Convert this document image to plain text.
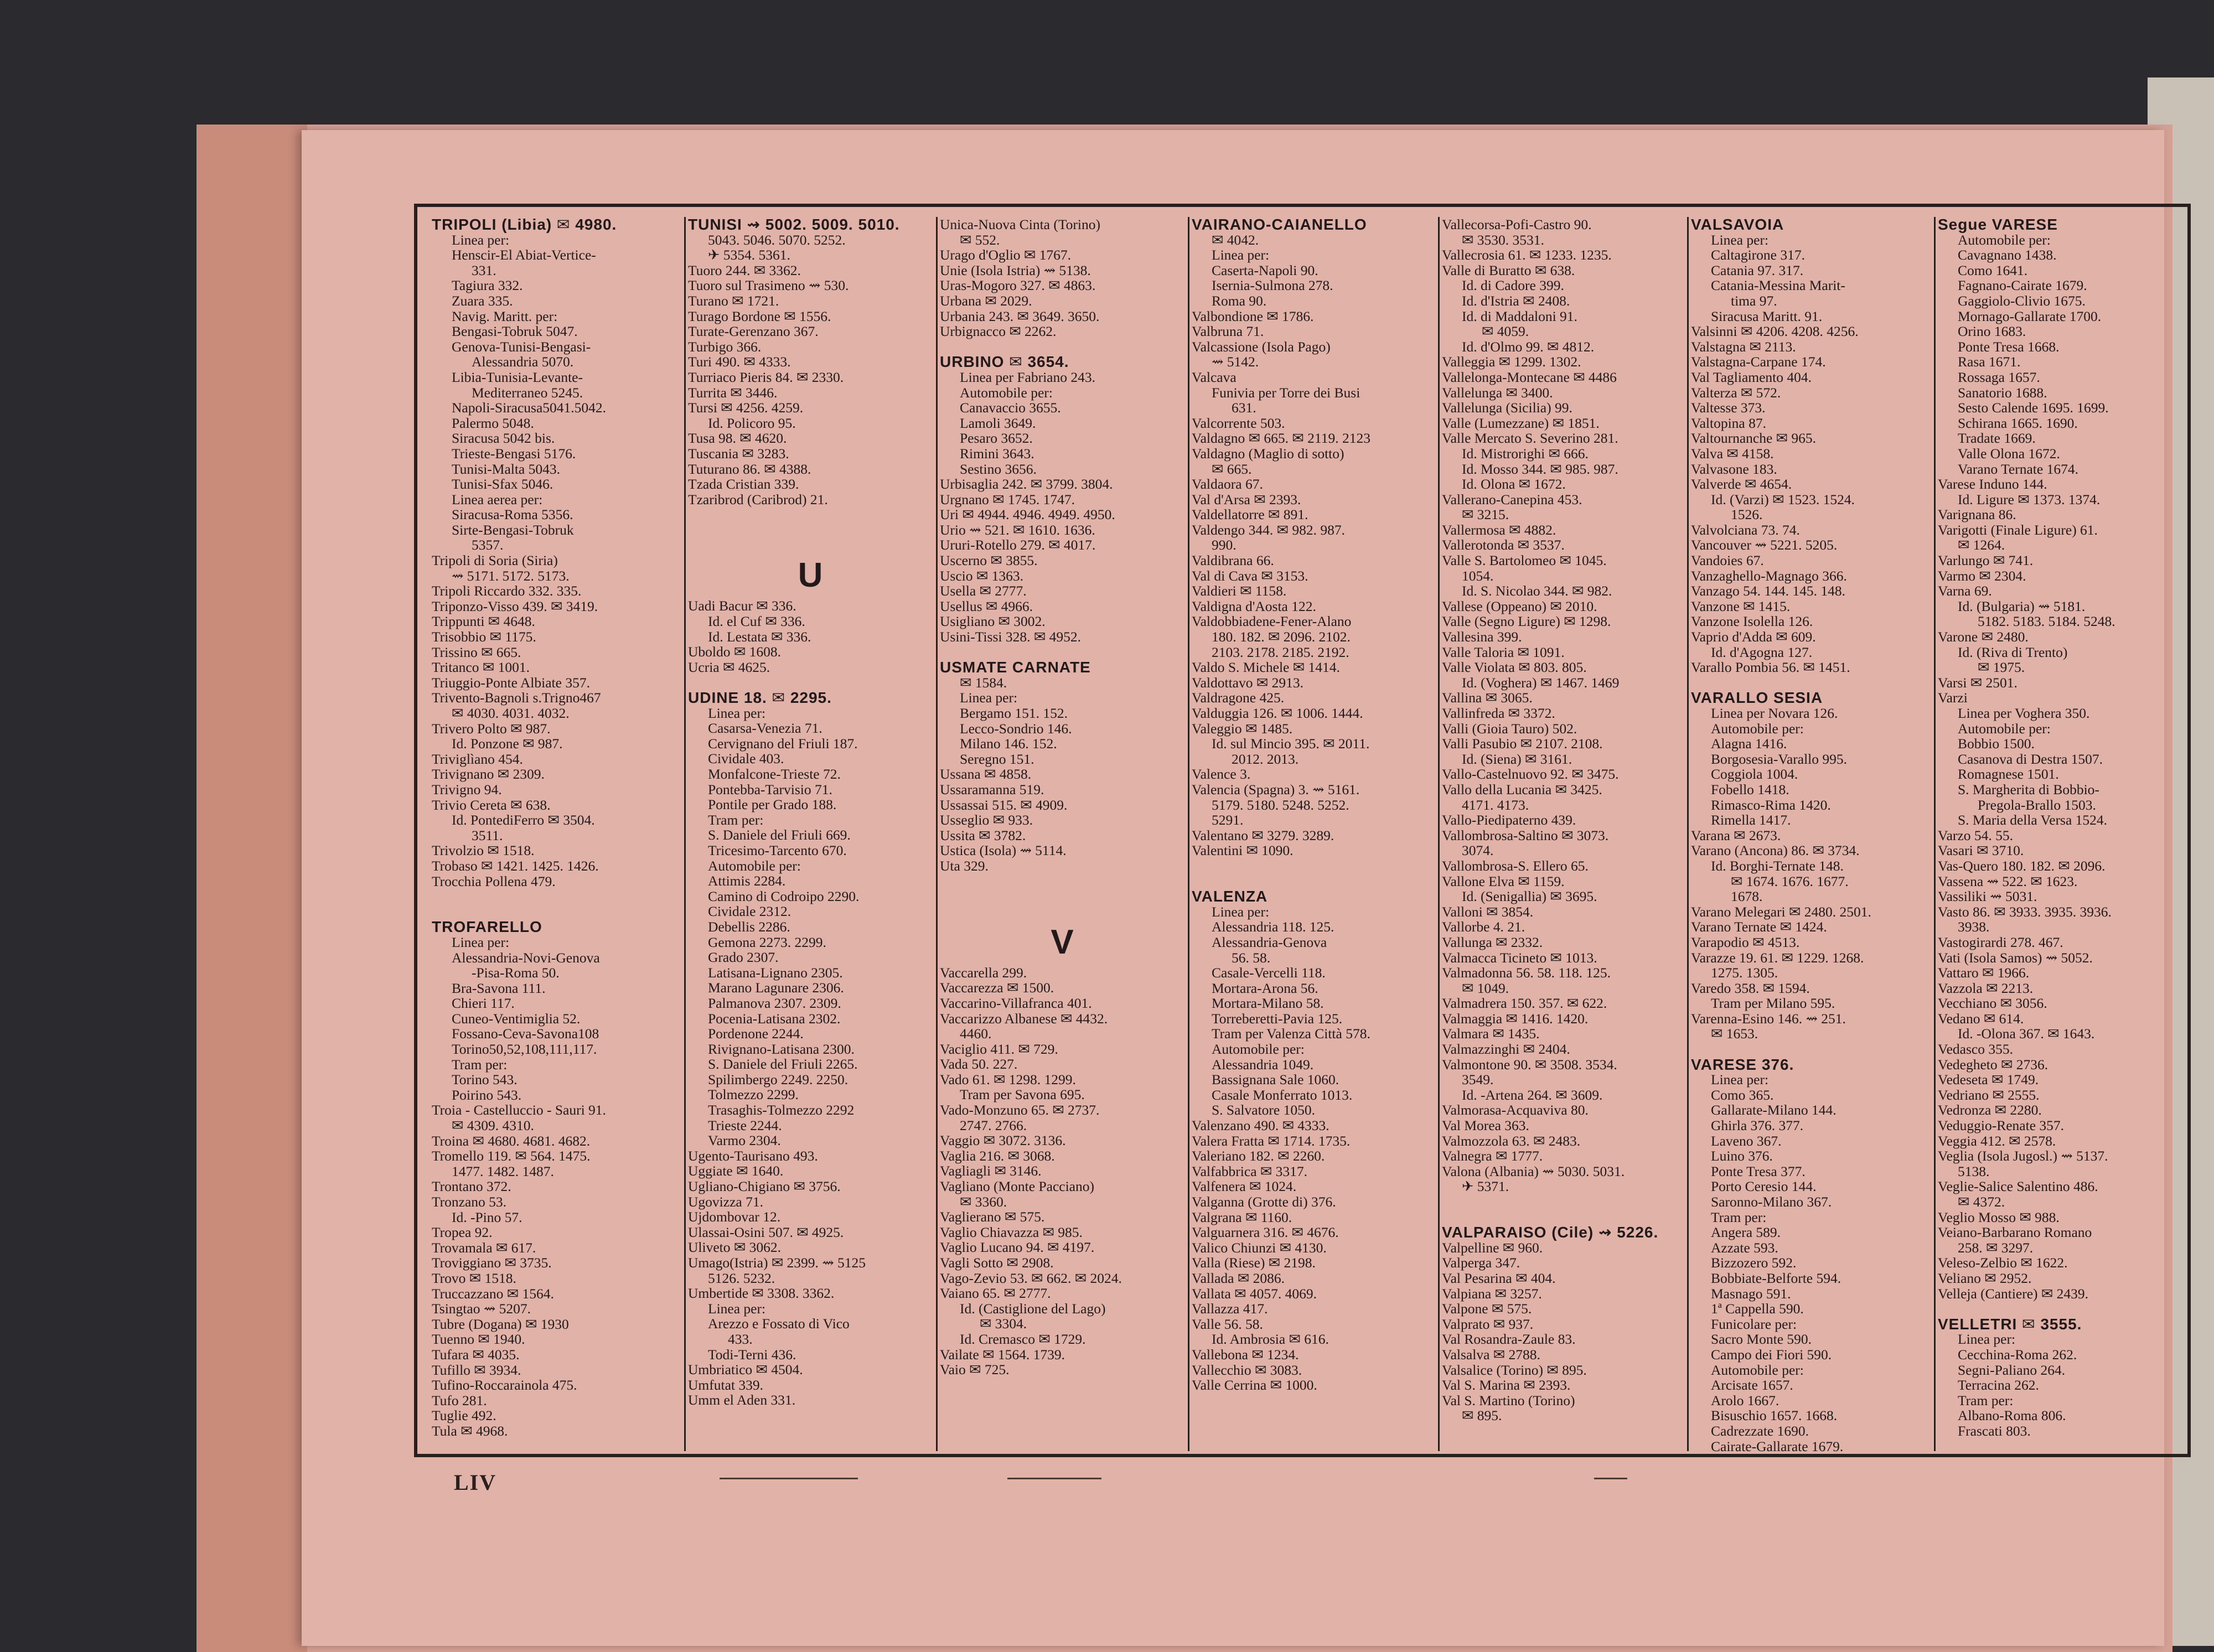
TRIPOLI (Libia) ✉ 4980.
Linea per:
Henscir-El Abiat-Vertice-
331.
Tagiura 332.
Zuara 335.
Navig. Maritt. per:
Bengasi-Tobruk 5047.
Genova-Tunisi-Bengasi-
Alessandria 5070.
Libia-Tunisia-Levante-
Mediterraneo 5245.
Napoli-Siracusa5041.5042.
Palermo 5048.
Siracusa 5042 bis.
Trieste-Bengasi 5176.
Tunisi-Malta 5043.
Tunisi-Sfax 5046.
Linea aerea per:
Siracusa-Roma 5356.
Sirte-Bengasi-Tobruk
5357.
Tripoli di Soria (Siria)
⇝ 5171. 5172. 5173.
Tripoli Riccardo 332. 335.
Triponzo-Visso 439. ✉ 3419.
Trippunti ✉ 4648.
Trisobbio ✉ 1175.
Trissino ✉ 665.
Tritanco ✉ 1001.
Triuggio-Ponte Albiate 357.
Trivento-Bagnoli s.Trigno467
✉ 4030. 4031. 4032.
Trivero Polto ✉ 987.
Id. Ponzone ✉ 987.
Triviglìano 454.
Trivignano ✉ 2309.
Trivigno 94.
Trivio Cereta ✉ 638.
Id. PontediFerro ✉ 3504.
3511.
Trivolzio ✉ 1518.
Trobaso ✉ 1421. 1425. 1426.
Trocchia Pollena 479.
TROFARELLO
Linea per:
Alessandria-Novi-Genova
-Pisa-Roma 50.
Bra-Savona 111.
Chieri 117.
Cuneo-Ventimiglia 52.
Fossano-Ceva-Savona108
Torino50,52,108,111,117.
Tram per:
Torino 543.
Poirino 543.
Troia - Castelluccio - Sauri 91.
✉ 4309. 4310.
Troina ✉ 4680. 4681. 4682.
Tromello 119. ✉ 564. 1475.
1477. 1482. 1487.
Trontano 372.
Tronzano 53.
Id. -Pino 57.
Tropea 92.
Trovamala ✉ 617.
Troviggiano ✉ 3735.
Trovo ✉ 1518.
Truccazzano ✉ 1564.
Tsingtao ⇝ 5207.
Tubre (Dogana) ✉ 1930
Tuenno ✉ 1940.
Tufara ✉ 4035.
Tufillo ✉ 3934.
Tufino-Roccarainola 475.
Tufo 281.
Tuglie 492.
Tula ✉ 4968.
TUNISI ⇝ 5002. 5009. 5010.
5043. 5046. 5070. 5252.
✈ 5354. 5361.
Tuoro 244. ✉ 3362.
Tuoro sul Trasimeno ⇝ 530.
Turano ✉ 1721.
Turago Bordone ✉ 1556.
Turate-Gerenzano 367.
Turbigo 366.
Turi 490. ✉ 4333.
Turriaco Pieris 84. ✉ 2330.
Turrita ✉ 3446.
Tursi ✉ 4256. 4259.
Id. Policoro 95.
Tusa 98. ✉ 4620.
Tuscania ✉ 3283.
Tuturano 86. ✉ 4388.
Tzada Cristian 339.
Tzaribrod (Caribrod) 21.
U
Uadi Bacur ✉ 336.
Id. el Cuf ✉ 336.
Id. Lestata ✉ 336.
Uboldo ✉ 1608.
Ucria ✉ 4625.
UDINE 18. ✉ 2295.
Linea per:
Casarsa-Venezia 71.
Cervignano del Friuli 187.
Cividale 403.
Monfalcone-Trieste 72.
Pontebba-Tarvisio 71.
Pontile per Grado 188.
Tram per:
S. Daniele del Friuli 669.
Tricesimo-Tarcento 670.
Automobile per:
Attimis 2284.
Camino di Codroipo 2290.
Cividale 2312.
Debellis 2286.
Gemona 2273. 2299.
Grado 2307.
Latisana-Lignano 2305.
Marano Lagunare 2306.
Palmanova 2307. 2309.
Pocenia-Latisana 2302.
Pordenone 2244.
Rivignano-Latisana 2300.
S. Daniele del Friuli 2265.
Spilimbergo 2249. 2250.
Tolmezzo 2299.
Trasaghis-Tolmezzo 2292
Trieste 2244.
Varmo 2304.
Ugento-Taurisano 493.
Uggiate ✉ 1640.
Ugliano-Chigiano ✉ 3756.
Ugovizza 71.
Ujdombovar 12.
Ulassai-Osini 507. ✉ 4925.
Uliveto ✉ 3062.
Umago(Istria) ✉ 2399. ⇝ 5125
5126. 5232.
Umbertide ✉ 3308. 3362.
Linea per:
Arezzo e Fossato di Vico
433.
Todi-Terni 436.
Umbriatico ✉ 4504.
Umfutat 339.
Umm el Aden 331.
Unica-Nuova Cinta (Torino)
✉ 552.
Urago d'Oglio ✉ 1767.
Unie (Isola Istria) ⇝ 5138.
Uras-Mogoro 327. ✉ 4863.
Urbana ✉ 2029.
Urbania 243. ✉ 3649. 3650.
Urbignacco ✉ 2262.
URBINO ✉ 3654.
Linea per Fabriano 243.
Automobile per:
Canavaccio 3655.
Lamoli 3649.
Pesaro 3652.
Rimini 3643.
Sestino 3656.
Urbisaglia 242. ✉ 3799. 3804.
Urgnano ✉ 1745. 1747.
Uri ✉ 4944. 4946. 4949. 4950.
Urio ⇝ 521. ✉ 1610. 1636.
Ururi-Rotello 279. ✉ 4017.
Uscerno ✉ 3855.
Uscio ✉ 1363.
Usella ✉ 2777.
Usellus ✉ 4966.
Usigliano ✉ 3002.
Usini-Tissi 328. ✉ 4952.
USMATE CARNATE
✉ 1584.
Linea per:
Bergamo 151. 152.
Lecco-Sondrio 146.
Milano 146. 152.
Seregno 151.
Ussana ✉ 4858.
Ussaramanna 519.
Ussassai 515. ✉ 4909.
Usseglio ✉ 933.
Ussita ✉ 3782.
Ustica (Isola) ⇝ 5114.
Uta 329.
V
Vaccarella 299.
Vaccarezza ✉ 1500.
Vaccarino-Villafranca 401.
Vaccarizzo Albanese ✉ 4432.
4460.
Vaciglio 411. ✉ 729.
Vada 50. 227.
Vado 61. ✉ 1298. 1299.
Tram per Savona 695.
Vado-Monzuno 65. ✉ 2737.
2747. 2766.
Vaggio ✉ 3072. 3136.
Vaglia 216. ✉ 3068.
Vagliagli ✉ 3146.
Vagliano (Monte Pacciano)
✉ 3360.
Vaglierano ✉ 575.
Vaglio Chiavazza ✉ 985.
Vaglio Lucano 94. ✉ 4197.
Vagli Sotto ✉ 2908.
Vago-Zevio 53. ✉ 662. ✉ 2024.
Vaiano 65. ✉ 2777.
Id. (Castiglione del Lago)
✉ 3304.
Id. Cremasco ✉ 1729.
Vailate ✉ 1564. 1739.
Vaio ✉ 725.
VAIRANO-CAIANELLO
✉ 4042.
Linea per:
Caserta-Napoli 90.
Isernia-Sulmona 278.
Roma 90.
Valbondione ✉ 1786.
Valbruna 71.
Valcassione (Isola Pago)
⇝ 5142.
Valcava
Funivia per Torre dei Busi
631.
Valcorrente 503.
Valdagno ✉ 665. ✉ 2119. 2123
Valdagno (Maglio di sotto)
✉ 665.
Valdaora 67.
Val d'Arsa ✉ 2393.
Valdellatorre ✉ 891.
Valdengo 344. ✉ 982. 987.
990.
Valdibrana 66.
Val di Cava ✉ 3153.
Valdieri ✉ 1158.
Valdigna d'Aosta 122.
Valdobbiadene-Fener-Alano
180. 182. ✉ 2096. 2102.
2103. 2178. 2185. 2192.
Valdo S. Michele ✉ 1414.
Valdottavo ✉ 2913.
Valdragone 425.
Valduggia 126. ✉ 1006. 1444.
Valeggio ✉ 1485.
Id. sul Mincio 395. ✉ 2011.
2012. 2013.
Valence 3.
Valencia (Spagna) 3. ⇝ 5161.
5179. 5180. 5248. 5252.
5291.
Valentano ✉ 3279. 3289.
Valentini ✉ 1090.
VALENZA
Linea per:
Alessandria 118. 125.
Alessandria-Genova
56. 58.
Casale-Vercelli 118.
Mortara-Arona 56.
Mortara-Milano 58.
Torreberetti-Pavia 125.
Tram per Valenza Città 578.
Automobile per:
Alessandria 1049.
Bassignana Sale 1060.
Casale Monferrato 1013.
S. Salvatore 1050.
Valenzano 490. ✉ 4333.
Valera Fratta ✉ 1714. 1735.
Valeriano 182. ✉ 2260.
Valfabbrica ✉ 3317.
Valfenera ✉ 1024.
Valganna (Grotte di) 376.
Valgrana ✉ 1160.
Valguarnera 316. ✉ 4676.
Valico Chiunzi ✉ 4130.
Valla (Riese) ✉ 2198.
Vallada ✉ 2086.
Vallata ✉ 4057. 4069.
Vallazza 417.
Valle 56. 58.
Id. Ambrosia ✉ 616.
Vallebona ✉ 1234.
Vallecchio ✉ 3083.
Valle Cerrina ✉ 1000.
Vallecorsa-Pofi-Castro 90.
✉ 3530. 3531.
Vallecrosia 61. ✉ 1233. 1235.
Valle di Buratto ✉ 638.
Id. di Cadore 399.
Id. d'Istria ✉ 2408.
Id. di Maddaloni 91.
✉ 4059.
Id. d'Olmo 99. ✉ 4812.
Valleggia ✉ 1299. 1302.
Vallelonga-Montecane ✉ 4486
Vallelunga ✉ 3400.
Vallelunga (Sicilia) 99.
Valle (Lumezzane) ✉ 1851.
Valle Mercato S. Severino 281.
Id. Mistrorighi ✉ 666.
Id. Mosso 344. ✉ 985. 987.
Id. Olona ✉ 1672.
Vallerano-Canepina 453.
✉ 3215.
Vallermosa ✉ 4882.
Vallerotonda ✉ 3537.
Valle S. Bartolomeo ✉ 1045.
1054.
Id. S. Nicolao 344. ✉ 982.
Vallese (Oppeano) ✉ 2010.
Valle (Segno Ligure) ✉ 1298.
Vallesina 399.
Valle Taloria ✉ 1091.
Valle Violata ✉ 803. 805.
Id. (Voghera) ✉ 1467. 1469
Vallina ✉ 3065.
Vallinfreda ✉ 3372.
Valli (Gioia Tauro) 502.
Valli Pasubio ✉ 2107. 2108.
Id. (Siena) ✉ 3161.
Vallo-Castelnuovo 92. ✉ 3475.
Vallo della Lucania ✉ 3425.
4171. 4173.
Vallo-Piedipaterno 439.
Vallombrosa-Saltino ✉ 3073.
3074.
Vallombrosa-S. Ellero 65.
Vallone Elva ✉ 1159.
Id. (Senigallia) ✉ 3695.
Valloni ✉ 3854.
Vallorbe 4. 21.
Vallunga ✉ 2332.
Valmacca Ticineto ✉ 1013.
Valmadonna 56. 58. 118. 125.
✉ 1049.
Valmadrera 150. 357. ✉ 622.
Valmaggia ✉ 1416. 1420.
Valmara ✉ 1435.
Valmazzinghi ✉ 2404.
Valmontone 90. ✉ 3508. 3534.
3549.
Id. -Artena 264. ✉ 3609.
Valmorasa-Acquaviva 80.
Val Morea 363.
Valmozzola 63. ✉ 2483.
Valnegra ✉ 1777.
Valona (Albania) ⇝ 5030. 5031.
✈ 5371.
VALPARAISO (Cile) ⇝ 5226.
Valpelline ✉ 960.
Valperga 347.
Val Pesarina ✉ 404.
Valpiana ✉ 3257.
Valpone ✉ 575.
Valprato ✉ 937.
Val Rosandra-Zaule 83.
Valsalva ✉ 2788.
Valsalice (Torino) ✉ 895.
Val S. Marina ✉ 2393.
Val S. Martino (Torino)
✉ 895.
VALSAVOIA
Linea per:
Caltagirone 317.
Catania 97. 317.
Catania-Messina Marit-
tima 97.
Siracusa Maritt. 91.
Valsinni ✉ 4206. 4208. 4256.
Valstagna ✉ 2113.
Valstagna-Carpane 174.
Val Tagliamento 404.
Valterza ✉ 572.
Valtesse 373.
Valtopina 87.
Valtournanche ✉ 965.
Valva ✉ 4158.
Valvasone 183.
Valverde ✉ 4654.
Id. (Varzi) ✉ 1523. 1524.
1526.
Valvolciana 73. 74.
Vancouver ⇝ 5221. 5205.
Vandoies 67.
Vanzaghello-Magnago 366.
Vanzago 54. 144. 145. 148.
Vanzone ✉ 1415.
Vanzone Isolella 126.
Vaprio d'Adda ✉ 609.
Id. d'Agogna 127.
Varallo Pombia 56. ✉ 1451.
VARALLO SESIA
Linea per Novara 126.
Automobile per:
Alagna 1416.
Borgosesia-Varallo 995.
Coggiola 1004.
Fobello 1418.
Rimasco-Rima 1420.
Rimella 1417.
Varana ✉ 2673.
Varano (Ancona) 86. ✉ 3734.
Id. Borghi-Ternate 148.
✉ 1674. 1676. 1677.
1678.
Varano Melegari ✉ 2480. 2501.
Varano Ternate ✉ 1424.
Varapodio ✉ 4513.
Varazze 19. 61. ✉ 1229. 1268.
1275. 1305.
Varedo 358. ✉ 1594.
Tram per Milano 595.
Varenna-Esino 146. ⇝ 251.
✉ 1653.
VARESE 376.
Linea per:
Como 365.
Gallarate-Milano 144.
Ghirla 376. 377.
Laveno 367.
Luino 376.
Ponte Tresa 377.
Porto Ceresio 144.
Saronno-Milano 367.
Tram per:
Angera 589.
Azzate 593.
Bizzozero 592.
Bobbiate-Belforte 594.
Masnago 591.
1ª Cappella 590.
Funicolare per:
Sacro Monte 590.
Campo dei Fiori 590.
Automobile per:
Arcisate 1657.
Arolo 1667.
Bisuschio 1657. 1668.
Cadrezzate 1690.
Cairate-Gallarate 1679.
Segue VARESE
Automobile per:
Cavagnano 1438.
Como 1641.
Fagnano-Cairate 1679.
Gaggiolo-Clivio 1675.
Mornago-Gallarate 1700.
Orino 1683.
Ponte Tresa 1668.
Rasa 1671.
Rossaga 1657.
Sanatorio 1688.
Sesto Calende 1695. 1699.
Schirana 1665. 1690.
Tradate 1669.
Valle Olona 1672.
Varano Ternate 1674.
Varese Induno 144.
Id. Ligure ✉ 1373. 1374.
Varignana 86.
Varigotti (Finale Ligure) 61.
✉ 1264.
Varlungo ✉ 741.
Varmo ✉ 2304.
Varna 69.
Id. (Bulgaria) ⇝ 5181.
5182. 5183. 5184. 5248.
Varone ✉ 2480.
Id. (Riva di Trento)
✉ 1975.
Varsi ✉ 2501.
Varzi
Linea per Voghera 350.
Automobile per:
Bobbio 1500.
Casanova di Destra 1507.
Romagnese 1501.
S. Margherita di Bobbio-
Pregola-Brallo 1503.
S. Maria della Versa 1524.
Varzo 54. 55.
Vasari ✉ 3710.
Vas-Quero 180. 182. ✉ 2096.
Vassena ⇝ 522. ✉ 1623.
Vassiliki ⇝ 5031.
Vasto 86. ✉ 3933. 3935. 3936.
3938.
Vastogirardi 278. 467.
Vati (Isola Samos) ⇝ 5052.
Vattaro ✉ 1966.
Vazzola ✉ 2213.
Vecchiano ✉ 3056.
Vedano ✉ 614.
Id. -Olona 367. ✉ 1643.
Vedasco 355.
Vedegheto ✉ 2736.
Vedeseta ✉ 1749.
Vedriano ✉ 2555.
Vedronza ✉ 2280.
Veduggio-Renate 357.
Veggia 412. ✉ 2578.
Veglia (Isola Jugosl.) ⇝ 5137.
5138.
Veglie-Salice Salentino 486.
✉ 4372.
Veglio Mosso ✉ 988.
Veiano-Barbarano Romano
258. ✉ 3297.
Veleso-Zelbio ✉ 1622.
Veliano ✉ 2952.
Velleja (Cantiere) ✉ 2439.
VELLETRI ✉ 3555.
Linea per:
Cecchina-Roma 262.
Segni-Paliano 264.
Terracina 262.
Tram per:
Albano-Roma 806.
Frascati 803.
LIV
